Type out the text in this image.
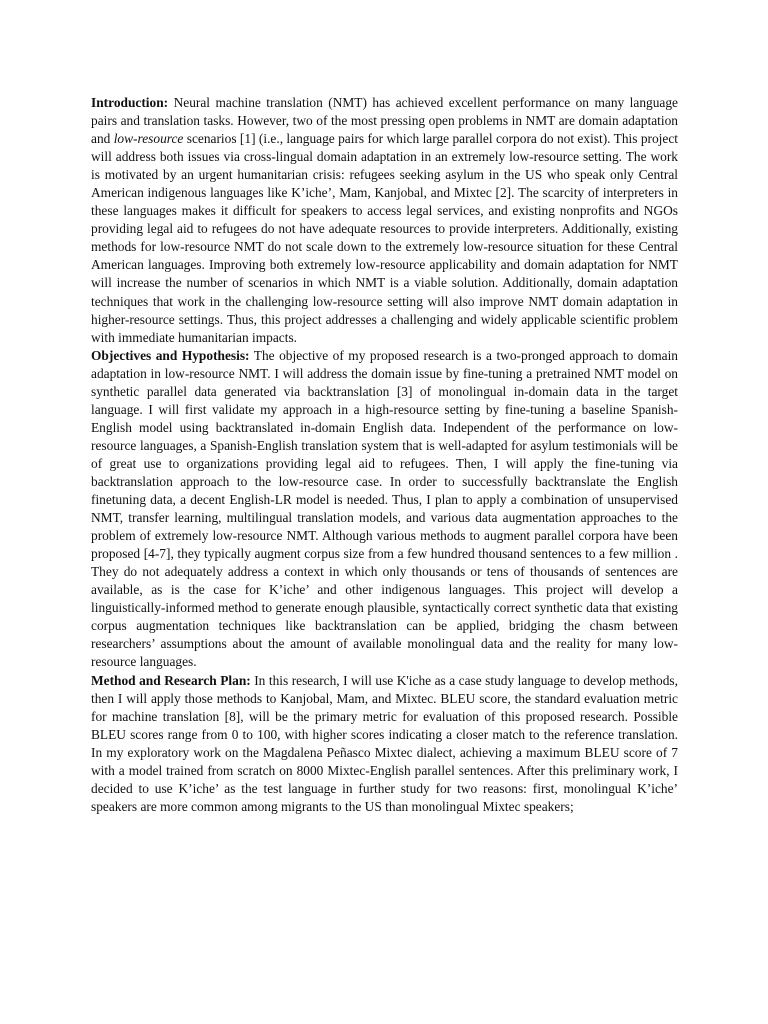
Introduction: Neural machine translation (NMT) has achieved excellent performance on many language pairs and translation tasks. However, two of the most pressing open problems in NMT are domain adaptation and low-resource scenarios [1] (i.e., language pairs for which large parallel corpora do not exist). This project will address both issues via cross-lingual domain adaptation in an extremely low-resource setting. The work is motivated by an urgent humanitarian crisis: refugees seeking asylum in the US who speak only Central American indigenous languages like K’iche’, Mam, Kanjobal, and Mixtec [2]. The scarcity of interpreters in these languages makes it difficult for speakers to access legal services, and existing nonprofits and NGOs providing legal aid to refugees do not have adequate resources to provide interpreters. Additionally, existing methods for low-resource NMT do not scale down to the extremely low-resource situation for these Central American languages. Improving both extremely low-resource applicability and domain adaptation for NMT will increase the number of scenarios in which NMT is a viable solution. Additionally, domain adaptation techniques that work in the challenging low-resource setting will also improve NMT domain adaptation in higher-resource settings. Thus, this project addresses a challenging and widely applicable scientific problem with immediate humanitarian impacts.

Objectives and Hypothesis: The objective of my proposed research is a two-pronged approach to domain adaptation in low-resource NMT. I will address the domain issue by fine-tuning a pretrained NMT model on synthetic parallel data generated via backtranslation [3] of monolingual in-domain data in the target language. I will first validate my approach in a high-resource setting by fine-tuning a baseline Spanish-English model using backtranslated in-domain English data. Independent of the performance on low-resource languages, a Spanish-English translation system that is well-adapted for asylum testimonials will be of great use to organizations providing legal aid to refugees. Then, I will apply the fine-tuning via backtranslation approach to the low-resource case. In order to successfully backtranslate the English finetuning data, a decent English-LR model is needed. Thus, I plan to apply a combination of unsupervised NMT, transfer learning, multilingual translation models, and various data augmentation approaches to the problem of extremely low-resource NMT. Although various methods to augment parallel corpora have been proposed [4-7], they typically augment corpus size from a few hundred thousand sentences to a few million . They do not adequately address a context in which only thousands or tens of thousands of sentences are available, as is the case for K’iche’ and other indigenous languages. This project will develop a linguistically-informed method to generate enough plausible, syntactically correct synthetic data that existing corpus augmentation techniques like backtranslation can be applied, bridging the chasm between researchers’ assumptions about the amount of available monolingual data and the reality for many low-resource languages.

Method and Research Plan: In this research, I will use K'iche as a case study language to develop methods, then I will apply those methods to Kanjobal, Mam, and Mixtec. BLEU score, the standard evaluation metric for machine translation [8], will be the primary metric for evaluation of this proposed research. Possible BLEU scores range from 0 to 100, with higher scores indicating a closer match to the reference translation. In my exploratory work on the Magdalena Peñasco Mixtec dialect, achieving a maximum BLEU score of 7 with a model trained from scratch on 8000 Mixtec-English parallel sentences. After this preliminary work, I decided to use K’iche’ as the test language in further study for two reasons: first, monolingual K’iche’ speakers are more common among migrants to the US than monolingual Mixtec speakers;
